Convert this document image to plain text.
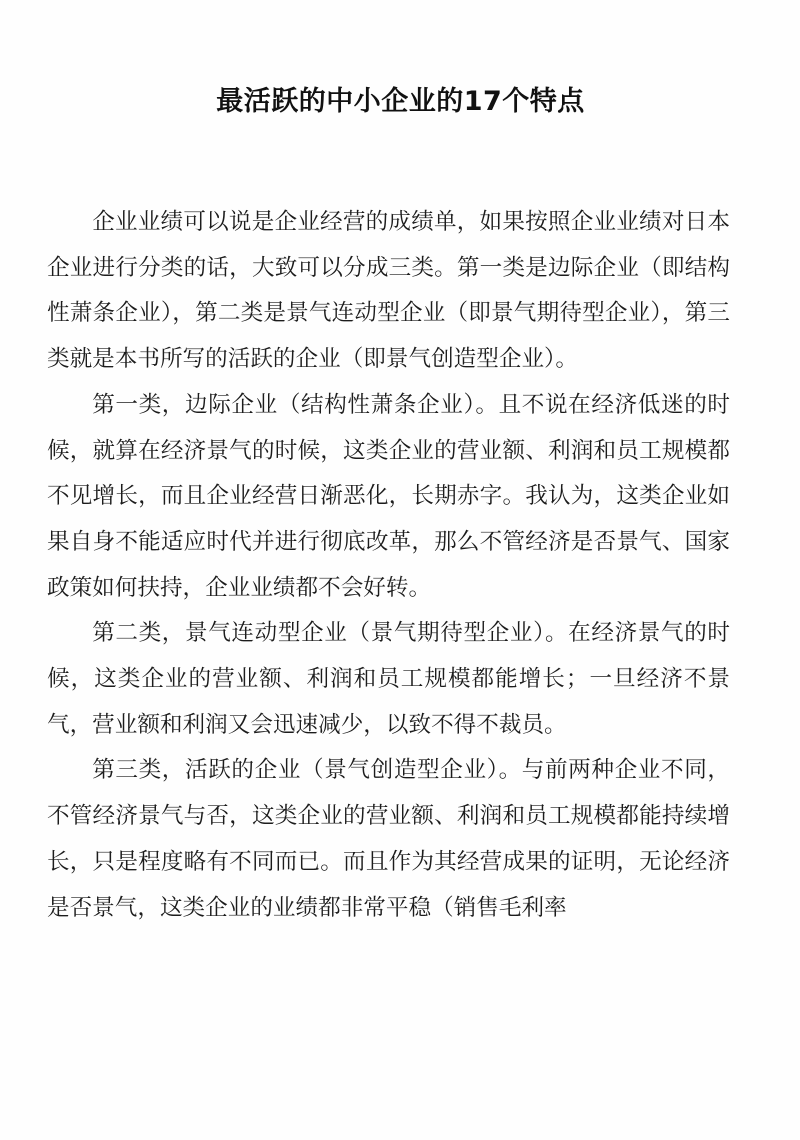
最活跃的中小企业的17个特点

企业业绩可以说是企业经营的成绩单，如果按照企业业绩对日本企业进行分类的话，大致可以分成三类。第一类是边际企业（即结构性萧条企业），第二类是景气连动型企业（即景气期待型企业），第三类就是本书所写的活跃的企业（即景气创造型企业）。

第一类，边际企业（结构性萧条企业）。且不说在经济低迷的时候，就算在经济景气的时候，这类企业的营业额、利润和员工规模都不见增长，而且企业经营日渐恶化，长期赤字。我认为，这类企业如果自身不能适应时代并进行彻底改革，那么不管经济是否景气、国家政策如何扶持，企业业绩都不会好转。

第二类，景气连动型企业（景气期待型企业）。在经济景气的时候，这类企业的营业额、利润和员工规模都能增长；一旦经济不景气，营业额和利润又会迅速减少，以致不得不裁员。

第三类，活跃的企业（景气创造型企业）。与前两种企业不同，不管经济景气与否，这类企业的营业额、利润和员工规模都能持续增长，只是程度略有不同而已。而且作为其经营成果的证明，无论经济是否景气，这类企业的业绩都非常平稳（销售毛利率
